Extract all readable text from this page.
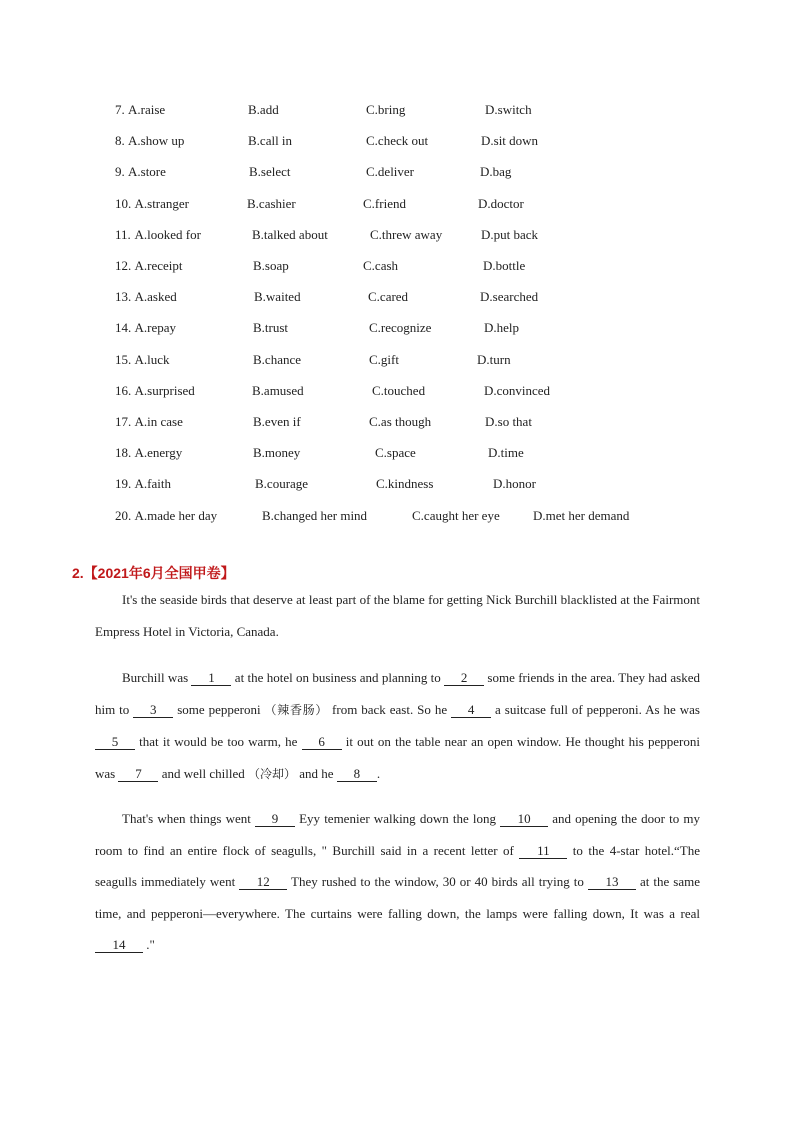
7. A.raise	B.add	C.bring	D.switch
8. A.show up	B.call in	C.check out	D.sit down
9. A.store	B.select	C.deliver	D.bag
10. A.stranger	B.cashier	C.friend	D.doctor
11. A.looked for	B.talked about	C.threw away	D.put back
12. A.receipt	B.soap	C.cash	D.bottle
13. A.asked	B.waited	C.cared	D.searched
14. A.repay	B.trust	C.recognize	D.help
15. A.luck	B.chance	C.gift	D.turn
16. A.surprised	B.amused	C.touched	D.convinced
17. A.in case	B.even if	C.as though	D.so that
18. A.energy	B.money	C.space	D.time
19. A.faith	B.courage	C.kindness	D.honor
20. A.made her day	B.changed her mind	C.caught her eye	D.met her demand
2.【2021年6月全国甲卷】
It's the seaside birds that deserve at least part of the blame for getting Nick Burchill blacklisted at the Fairmont Empress Hotel in Victoria, Canada.
Burchill was 1 at the hotel on business and planning to 2 some friends in the area. They had asked him to 3 some pepperoni （辣香肠） from back east. So he 4 a suitcase full of pepperoni. As he was 5 that it would be too warm, he 6 it out on the table near an open window. He thought his pepperoni was 7 and well chilled （冷却） and he 8 .
That's when things went 9 Eyy temenier walking down the long 10 and opening the door to my room to find an entire flock of seagulls, " Burchill said in a recent letter of 11 to the 4-star hotel.“The seagulls immediately went 12 They rushed to the window, 30 or 40 birds all trying to 13 at the same time, and pepperoni—everywhere. The curtains were falling down, the lamps were falling down, It was a real 14 ."
